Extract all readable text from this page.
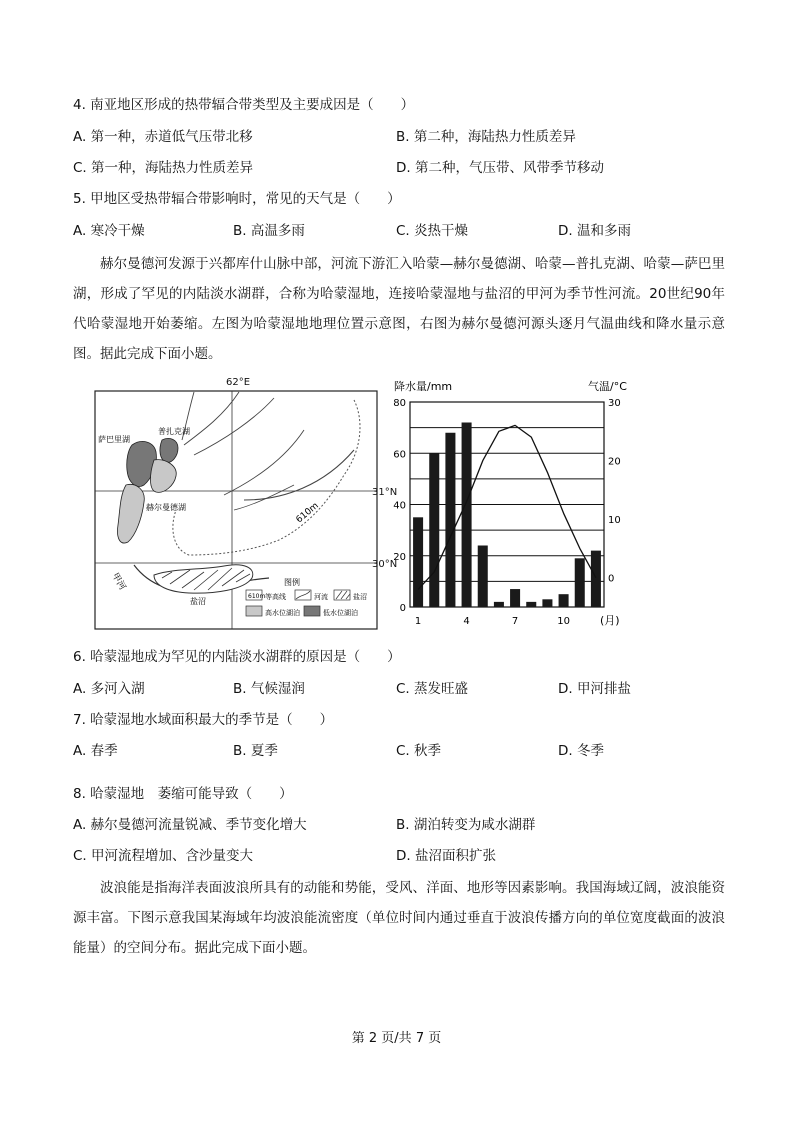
4. 南亚地区形成的热带辐合带类型及主要成因是（　　）
A. 第一种，赤道低气压带北移	B. 第二种，海陆热力性质差异
C. 第一种，海陆热力性质差异	D. 第二种，气压带、风带季节移动
5. 甲地区受热带辐合带影响时，常见的天气是（　　）
A. 寒冷干燥	B. 高温多雨	C. 炎热干燥	D. 温和多雨
赫尔曼德河发源于兴都库什山脉中部，河流下游汇入哈蒙—赫尔曼德湖、哈蒙—普扎克湖、哈蒙—萨巴里湖，形成了罕见的内陆淡水湖群，合称为哈蒙湿地，连接哈蒙湿地与盐沼的甲河为季节性河流。20世纪90年代哈蒙湿地开始萎缩。左图为哈蒙湿地地理位置示意图，右图为赫尔曼德河源头逐月气温曲线和降水量示意图。据此完成下面小题。
萨巴里湖
普扎克湖
赫尔曼德湖	610m
甲河
盐沼
图例
610m 等高线	河流	盐沼
高水位湖泊	低水位湖泊
62°E
31°N
30°N
降水量/mm	气温/°C
(月)
0
20
40
60
80
0
10
20
30
1	4	7	10
6. 哈蒙湿地成为罕见的内陆淡水湖群的原因是（　　）
A. 多河入湖	B. 气候湿润	C. 蒸发旺盛	D. 甲河排盐
7. 哈蒙湿地水域面积最大的季节是（　　）
A. 春季	B. 夏季	C. 秋季	D. 冬季
8. 哈蒙湿地　萎缩可能导致（　　）
A. 赫尔曼德河流量锐减、季节变化增大	B. 湖泊转变为咸水湖群
C. 甲河流程增加、含沙量变大	D. 盐沼面积扩张
波浪能是指海洋表面波浪所具有的动能和势能，受风、洋面、地形等因素影响。我国海域辽阔，波浪能资源丰富。下图示意我国某海域年均波浪能流密度（单位时间内通过垂直于波浪传播方向的单位宽度截面的波浪能量）的空间分布。据此完成下面小题。
第 2 页/共 7 页
